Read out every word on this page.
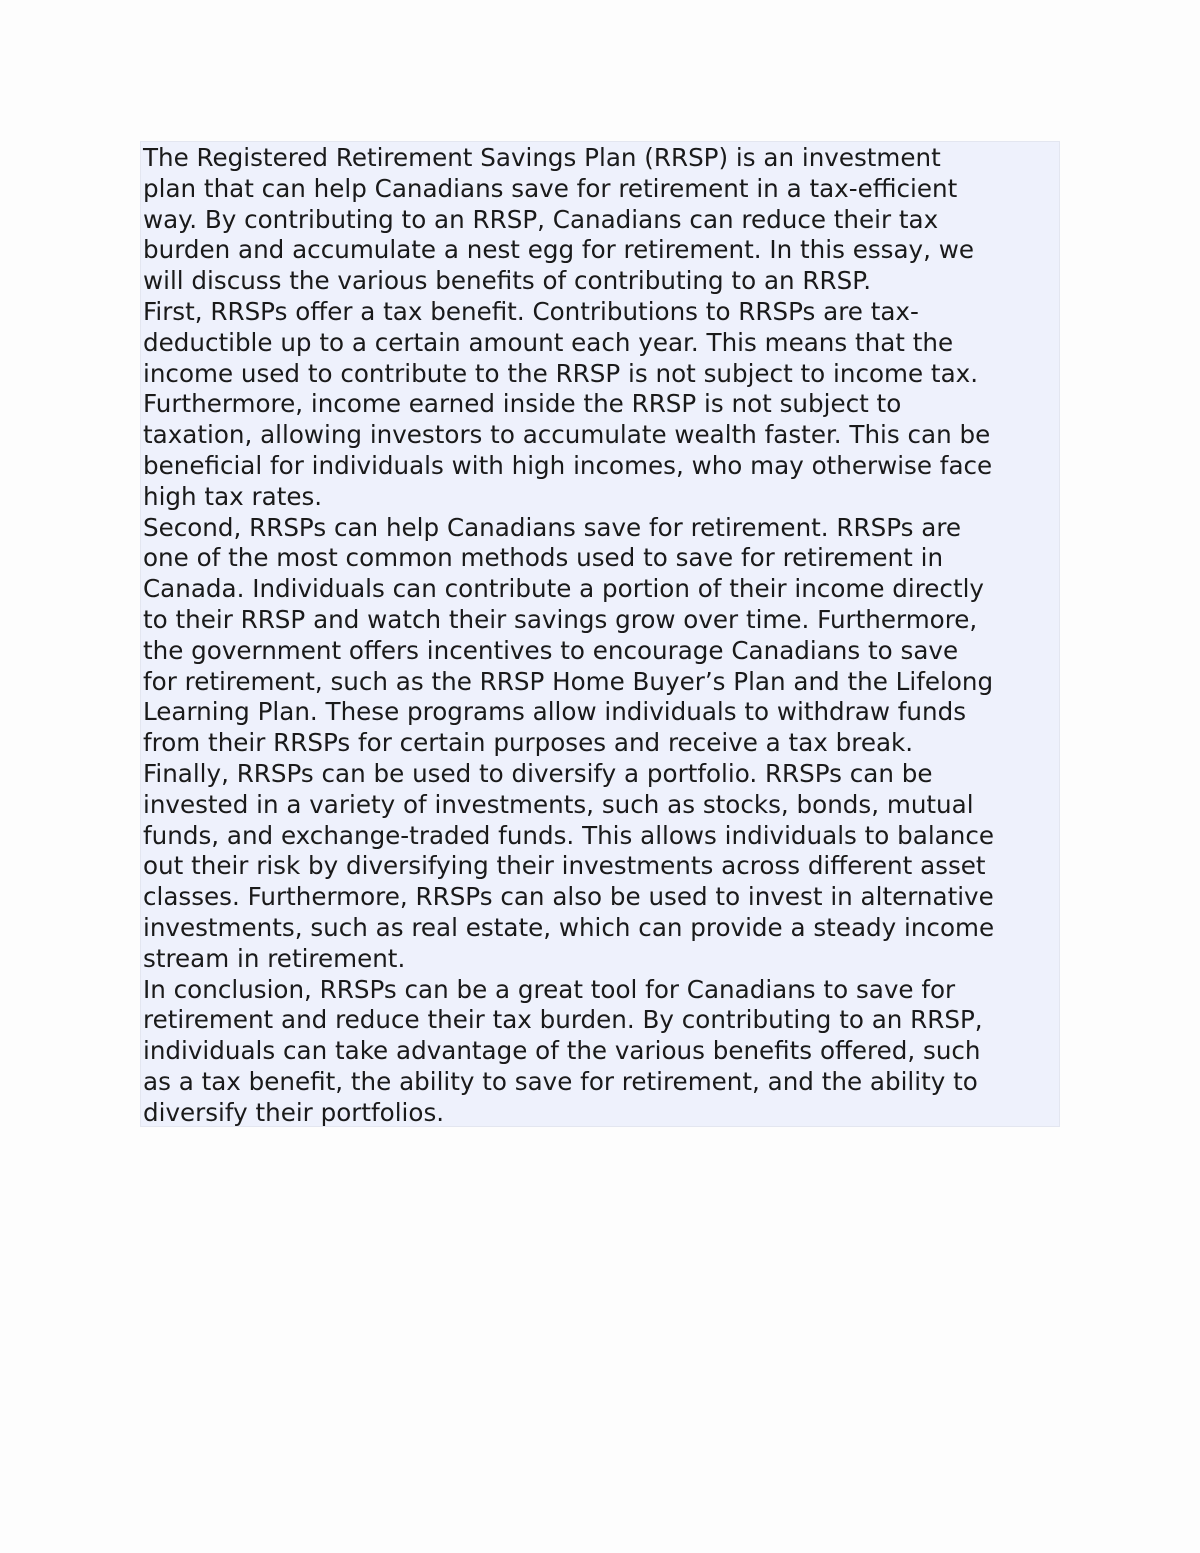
The Registered Retirement Savings Plan (RRSP) is an investment
plan that can help Canadians save for retirement in a tax-efficient
way. By contributing to an RRSP, Canadians can reduce their tax
burden and accumulate a nest egg for retirement. In this essay, we
will discuss the various benefits of contributing to an RRSP.
First, RRSPs offer a tax benefit. Contributions to RRSPs are tax-
deductible up to a certain amount each year. This means that the
income used to contribute to the RRSP is not subject to income tax.
Furthermore, income earned inside the RRSP is not subject to
taxation, allowing investors to accumulate wealth faster. This can be
beneficial for individuals with high incomes, who may otherwise face
high tax rates.
Second, RRSPs can help Canadians save for retirement. RRSPs are
one of the most common methods used to save for retirement in
Canada. Individuals can contribute a portion of their income directly
to their RRSP and watch their savings grow over time. Furthermore,
the government offers incentives to encourage Canadians to save
for retirement, such as the RRSP Home Buyer’s Plan and the Lifelong
Learning Plan. These programs allow individuals to withdraw funds
from their RRSPs for certain purposes and receive a tax break.
Finally, RRSPs can be used to diversify a portfolio. RRSPs can be
invested in a variety of investments, such as stocks, bonds, mutual
funds, and exchange-traded funds. This allows individuals to balance
out their risk by diversifying their investments across different asset
classes. Furthermore, RRSPs can also be used to invest in alternative
investments, such as real estate, which can provide a steady income
stream in retirement.
In conclusion, RRSPs can be a great tool for Canadians to save for
retirement and reduce their tax burden. By contributing to an RRSP,
individuals can take advantage of the various benefits offered, such
as a tax benefit, the ability to save for retirement, and the ability to
diversify their portfolios.
